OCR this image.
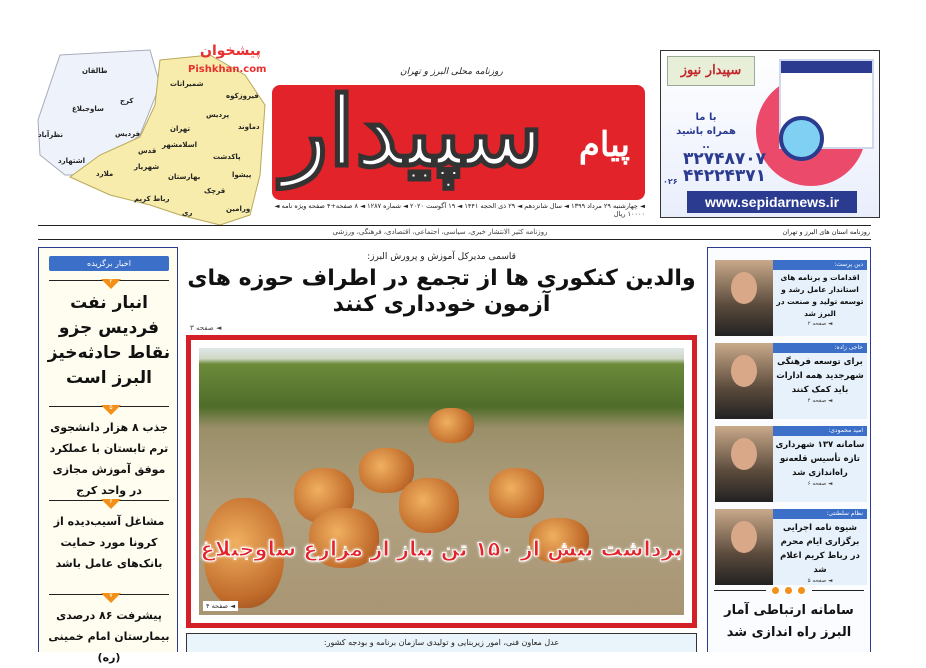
طالقان
ساوجبلاغ
کرج
نظرآباد	فردیس
اشتهارد
شمیرانات
فیروزکوه
پردیس
دماوند
تهران
قدس
اسلامشهر
پاکدشت
ملارد
شهریار
بهارستان
قرچک
پیشوا
رباط کریم
ری	ورامین
پیشخوان
Pishkhan.com	روزنامه محلی البرز و تهران
سپیدار پیام
◄ چهارشنبه ۲۹ مرداد ۱۳۹۹ ◄ سال شانزدهم ◄ ۲۹ ذی الحجه ۱۴۴۱ ◄ ۱۹ آگوست ۲۰۲۰ ◄ شماره ۱۲۸۷ ◄ ۸ صفحه+۴ صفحه ویژه نامه ◄ ۱۰۰۰۰ ریال
سپیدار نیوز
با ما
همراه باشید ..
۰۲۶
۳۲۷۴۸۷۰۷
۴۴۲۲۴۳۷۱
www.sepidarnews.ir
روزنامه کثیر الانتشار خبری، سیاسی، اجتماعی، اقتصادی، فرهنگی، ورزشی	روزنامه استان های البرز و تهران
اخبار برگزیده
۲
انبار نفت فردیس جزو نقاط حادثه‌خیز البرز است
۵
جذب ۸ هزار دانشجوی ترم تابستان با عملکرد موفق آموزش مجازی در واحد کرج
۶
مشاغل آسیب‌دیده از کرونا مورد حمایت بانک‌های عامل باشد
۷
پیشرفت ۸۶ درصدی بیمارستان امام خمینی (ره)
قاسمی مدیرکل آموزش و پرورش البرز:
والدین کنکوری ها از تجمع در اطراف حوزه های آزمون خودداری کنند
◄ صفحه ۳
برداشت بیش از ۱۵۰ تن پیاز از مزارع ساوجبلاغ
◄ صفحه ۴
عدل معاون فنی، امور زیربنایی و تولیدی سازمان برنامه و بودجه کشور:
دین پرست:
اقدامات و برنامه های استاندار عامل رشد و توسعه تولید و صنعت در البرز شد
◄ صفحه ۲
حاجی زاده:
برای توسعه فرهنگی شهرجدید همه ادارات باید کمک کنند
◄ صفحه ۴
امید محمودی:
سامانه ۱۳۷ شهرداری تازه تأسیس قلعه‌نو راه‌اندازی شد
◄ صفحه ۶
نظام سلطنتی:
شیوه نامه اجرایی برگزاری ایام محرم در رباط کریم اعلام شد
◄ صفحه ۵
سامانه ارتباطی آمار البرز راه اندازی شد
